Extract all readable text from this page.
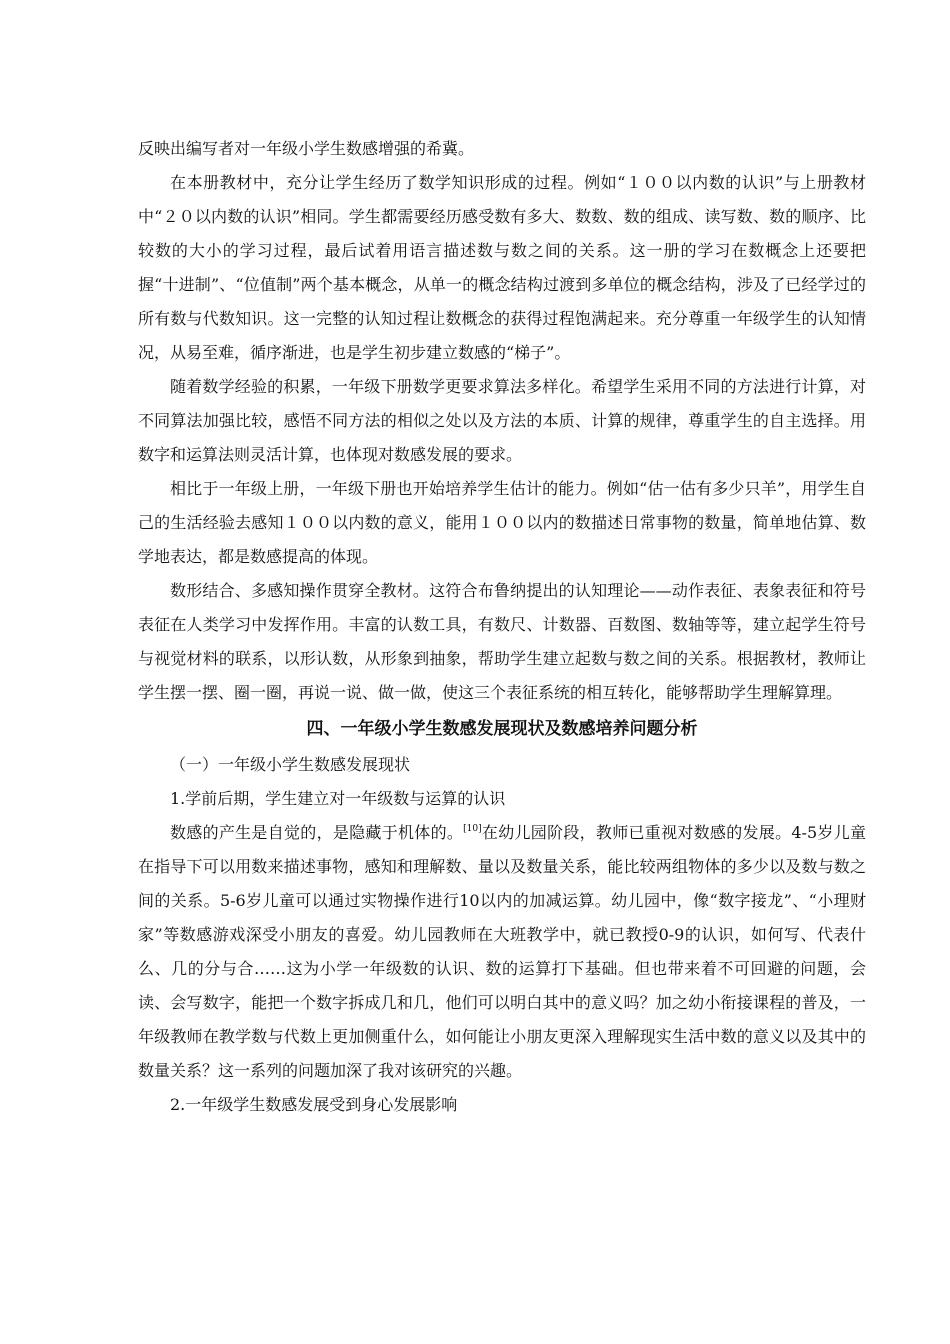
反映出编写者对一年级小学生数感增强的希冀。

在本册教材中，充分让学生经历了数学知识形成的过程。例如“１００以内数的认识”与上册教材中“２０以内数的认识”相同。学生都需要经历感受数有多大、数数、数的组成、读写数、数的顺序、比较数的大小的学习过程，最后试着用语言描述数与数之间的关系。这一册的学习在数概念上还要把握“十进制”、“位值制”两个基本概念，从单一的概念结构过渡到多单位的概念结构，涉及了已经学过的所有数与代数知识。这一完整的认知过程让数概念的获得过程饱满起来。充分尊重一年级学生的认知情况，从易至难，循序渐进，也是学生初步建立数感的“梯子”。

随着数学经验的积累，一年级下册数学更要求算法多样化。希望学生采用不同的方法进行计算，对不同算法加强比较，感悟不同方法的相似之处以及方法的本质、计算的规律，尊重学生的自主选择。用数字和运算法则灵活计算，也体现对数感发展的要求。

相比于一年级上册，一年级下册也开始培养学生估计的能力。例如“估一估有多少只羊”，用学生自己的生活经验去感知１００以内数的意义，能用１００以内的数描述日常事物的数量，简单地估算、数学地表达，都是数感提高的体现。

数形结合、多感知操作贯穿全教材。这符合布鲁纳提出的认知理论——动作表征、表象表征和符号表征在人类学习中发挥作用。丰富的认数工具，有数尺、计数器、百数图、数轴等等，建立起学生符号与视觉材料的联系，以形认数，从形象到抽象，帮助学生建立起数与数之间的关系。根据教材，教师让学生摆一摆、圈一圈，再说一说、做一做，使这三个表征系统的相互转化，能够帮助学生理解算理。

四、一年级小学生数感发展现状及数感培养问题分析

（一）一年级小学生数感发展现状

1.学前后期，学生建立对一年级数与运算的认识

数感的产生是自觉的，是隐藏于机体的。[10]在幼儿园阶段，教师已重视对数感的发展。4-5岁儿童在指导下可以用数来描述事物，感知和理解数、量以及数量关系，能比较两组物体的多少以及数与数之间的关系。5-6岁儿童可以通过实物操作进行10以内的加减运算。幼儿园中，像“数字接龙”、“小理财家”等数感游戏深受小朋友的喜爱。幼儿园教师在大班教学中，就已教授0-9的认识，如何写、代表什么、几的分与合……这为小学一年级数的认识、数的运算打下基础。但也带来着不可回避的问题，会读、会写数字，能把一个数字拆成几和几，他们可以明白其中的意义吗？加之幼小衔接课程的普及，一年级教师在教学数与代数上更加侧重什么，如何能让小朋友更深入理解现实生活中数的意义以及其中的数量关系？这一系列的问题加深了我对该研究的兴趣。

2.一年级学生数感发展受到身心发展影响
